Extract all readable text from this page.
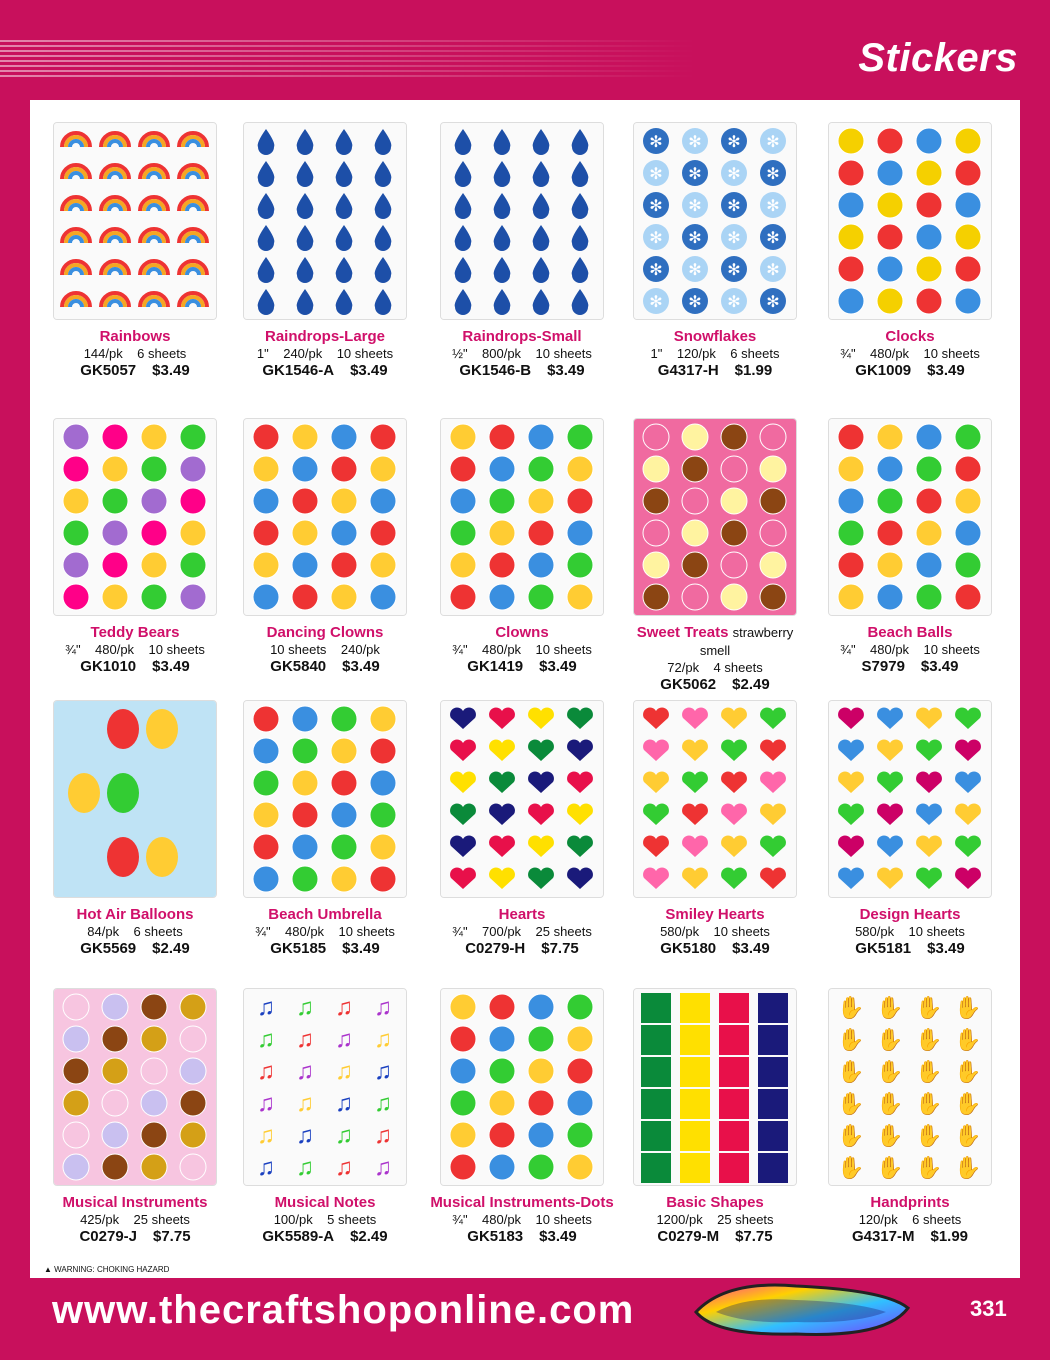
Stickers
Rainbows
144/pk    6 sheets
GK5057 $3.49
Raindrops-Large
1"    240/pk    10 sheets
GK1546-A $3.49
Raindrops-Small
½"    800/pk    10 sheets
GK1546-B $3.49
✻ ✻ ✻ ✻
✻ ✻ ✻ ✻
✻ ✻ ✻ ✻
✻ ✻ ✻ ✻
✻ ✻ ✻ ✻
✻ ✻ ✻ ✻
Snowflakes
1"    120/pk    6 sheets
G4317-H $1.99
Clocks
¾"    480/pk    10 sheets
GK1009 $3.49
Teddy Bears
¾"    480/pk    10 sheets
GK1010 $3.49
Dancing Clowns
10 sheets    240/pk
GK5840 $3.49
Clowns
¾"    480/pk    10 sheets
GK1419 $3.49
Sweet Treats strawberry smell
72/pk    4 sheets
GK5062 $2.49
Beach Balls
¾"    480/pk    10 sheets
S7979 $3.49
Hot Air Balloons
84/pk    6 sheets
GK5569 $2.49
Beach Umbrella
¾"    480/pk    10 sheets
GK5185 $3.49
Hearts
¾"    700/pk    25 sheets
C0279-H $7.75
Smiley Hearts
580/pk    10 sheets
GK5180 $3.49
Design Hearts
580/pk    10 sheets
GK5181 $3.49
Musical Instruments
425/pk    25 sheets
C0279-J $7.75
♫ ♫ ♫ ♫
♫ ♫ ♫ ♫
♫ ♫ ♫ ♫
♫ ♫ ♫ ♫
♫ ♫ ♫ ♫
♫ ♫ ♫ ♫
Musical Notes
100/pk    5 sheets
GK5589-A $2.49
Musical Instruments-Dots
¾"    480/pk    10 sheets
GK5183 $3.49
Basic Shapes
1200/pk    25 sheets
C0279-M $7.75
✋ ✋ ✋ ✋
✋ ✋ ✋ ✋
✋ ✋ ✋ ✋
✋ ✋ ✋ ✋
✋ ✋ ✋ ✋
✋ ✋ ✋ ✋
Handprints
120/pk    6 sheets
G4317-M $1.99
▲ WARNING: CHOKING HAZARD
www.thecraftshoponline.com	331
